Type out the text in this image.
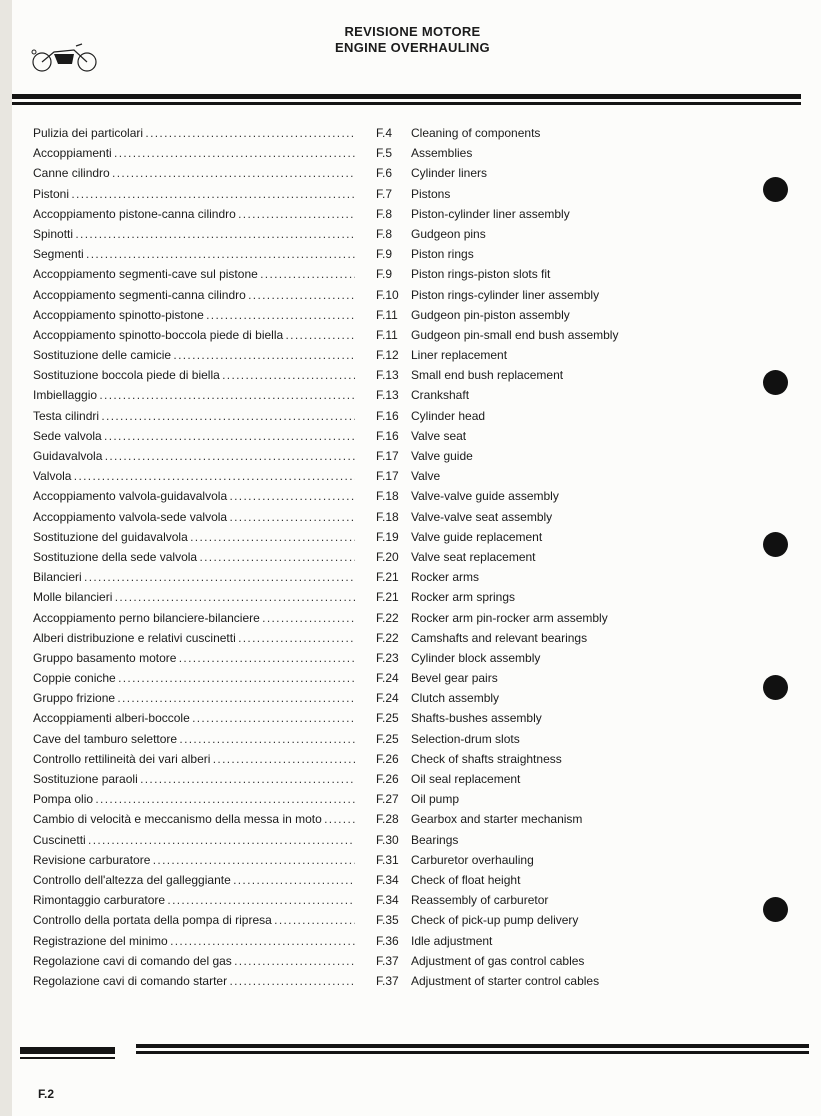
REVISIONE MOTORE
ENGINE OVERHAULING
Pulizia dei particolari . . .	F.4	Cleaning of components
Accoppiamenti . . .	F.5	Assemblies
Canne cilindro . . .	F.6	Cylinder liners
Pistoni . . .	F.7	Pistons
Accoppiamento pistone-canna cilindro . . .	F.8	Piston-cylinder liner assembly
Spinotti . . .	F.8	Gudgeon pins
Segmenti . . .	F.9	Piston rings
Accoppiamento segmenti-cave sul pistone . . .	F.9	Piston rings-piston slots fit
Accoppiamento segmenti-canna cilindro . . .	F.10	Piston rings-cylinder liner assembly
Accoppiamento spinotto-pistone . . .	F.11	Gudgeon pin-piston assembly
Accoppiamento spinotto-boccola piede di biella . . .	F.11	Gudgeon pin-small end bush assembly
Sostituzione delle camicie . . .	F.12	Liner replacement
Sostituzione boccola piede di biella . . .	F.13	Small end bush replacement
Imbiellaggio . . .	F.13	Crankshaft
Testa cilindri . . .	F.16	Cylinder head
Sede valvola . . .	F.16	Valve seat
Guidavalvola . . .	F.17	Valve guide
Valvola . . .	F.17	Valve
Accoppiamento valvola-guidavalvola . . .	F.18	Valve-valve guide assembly
Accoppiamento valvola-sede valvola . . .	F.18	Valve-valve seat assembly
Sostituzione del guidavalvola . . .	F.19	Valve guide replacement
Sostituzione della sede valvola . . .	F.20	Valve seat replacement
Bilancieri . . .	F.21	Rocker arms
Molle bilancieri . . .	F.21	Rocker arm springs
Accoppiamento perno bilanciere-bilanciere . . .	F.22	Rocker arm pin-rocker arm assembly
Alberi distribuzione e relativi cuscinetti . . .	F.22	Camshafts and relevant bearings
Gruppo basamento motore . . .	F.23	Cylinder block assembly
Coppie coniche . . .	F.24	Bevel gear pairs
Gruppo frizione . . .	F.24	Clutch assembly
Accoppiamenti alberi-boccole . . .	F.25	Shafts-bushes assembly
Cave del tamburo selettore . . .	F.25	Selection-drum slots
Controllo rettilineità dei vari alberi . . .	F.26	Check of shafts straightness
Sostituzione paraoli . . .	F.26	Oil seal replacement
Pompa olio . . .	F.27	Oil pump
Cambio di velocità e meccanismo della messa in moto . . .	F.28	Gearbox and starter mechanism
Cuscinetti . . .	F.30	Bearings
Revisione carburatore . . .	F.31	Carburetor overhauling
Controllo dell'altezza del galleggiante . . .	F.34	Check of float height
Rimontaggio carburatore . . .	F.34	Reassembly of carburetor
Controllo della portata della pompa di ripresa . . .	F.35	Check of pick-up pump delivery
Registrazione del minimo . . .	F.36	Idle adjustment
Regolazione cavi di comando del gas . . .	F.37	Adjustment of gas control cables
Regolazione cavi di comando starter . . .	F.37	Adjustment of starter control cables
F.2
